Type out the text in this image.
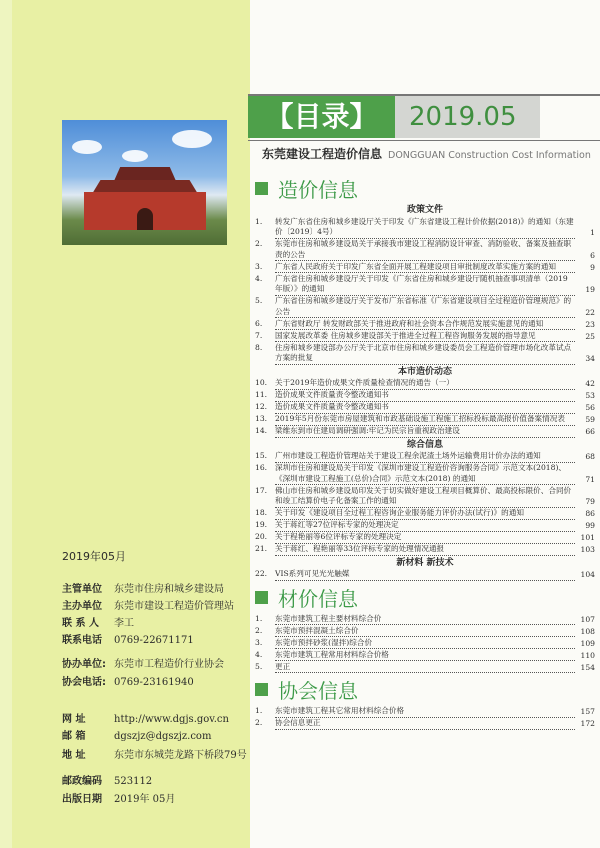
2019年05月
主管单位 东莞市住房和城乡建设局
主办单位 东莞市建设工程造价管理站
联 系 人 李工
联系电话 0769-22671171
协办单位: 东莞市工程造价行业协会
协会电话: 0769-23161940
网 址	http://www.dgjs.gov.cn
邮 箱	dgszjz@dgszjz.com
地 址	东莞市东城莞龙路下桥段79号
邮政编码 523112
出版日期 2019年 05月
【目录】	2019.05
东莞建设工程造价信息 DONGGUAN Construction Cost Information
造价信息
政策文件
1.	转发广东省住房和城乡建设厅关于印发《广东省建设工程计价依据(2018)》的通知（东建价〔2019〕4号）	1
2.	东莞市住房和城乡建设局关于承接我市建设工程消防设计审查、消防验收、备案及抽查职责的公告	6
3.	广东省人民政府关于印发广东省全面开展工程建设项目审批制度改革实施方案的通知	9
4.	广东省住房和城乡建设厅关于印发《广东省住房和城乡建设厅随机抽查事项清单（2019年版）》的通知	19
5.	广东省住房和城乡建设厅关于发布广东省标准《广东省建设项目全过程造价管理规范》的公告	22
6.	广东省财政厅 转发财政部关于推进政府和社会资本合作规范发展实施意见的通知	23
7.	国家发展改革委 住房城乡建设部关于推进全过程工程咨询服务发展的指导意见	25
8.	住房和城乡建设部办公厅关于北京市住房和城乡建设委员会工程造价管理市场化改革试点方案的批复	34
本市造价动态
10.	关于2019年造价成果文件质量检查情况的通告（一）	42
11.	造价成果文件质量责令整改通知书	53
12.	造价成果文件质量责令整改通知书	56
13.	2019年5月份东莞市房屋建筑和市政基础设施工程施工招标投标最高报价值备案情况表	59
14.	梁维东到市住建局调研强调:牢记为民宗旨重视政治建设	66
综合信息
15.	广州市建设工程造价管理站关于建设工程余泥渣土场外运输费用计价办法的通知	68
16.	深圳市住房和建设局关于印发《深圳市建设工程造价咨询服务合同》示范文本(2018)、《深圳市建设工程施工(总价)合同》示范文本(2018) 的通知	71
17.	佛山市住房和城乡建设局印发关于切实做好建设工程项目概算价、最高投标限价、合同价和竣工结算价电子化备案工作的通知	79
18.	关于印发《建设项目全过程工程咨询企业服务能力评价办法(试行)》的通知	86
19.	关于蒋红等27位评标专家的处理决定	99
20.	关于程艳丽等6位评标专家的处理决定	101
21.	关于蒋红、程艳丽等33位评标专家的处理情况通报	103
新材料 新技术
22.	VIS系列可见光光触媒	104
材价信息
1.	东莞市建筑工程主要材料综合价	107
2.	东莞市预拌混凝土综合价	108
3.	东莞市预拌砂浆(湿拌)综合价	109
4.	东莞市建筑工程常用材料综合价格	110
5.	更正	154
协会信息
1.	东莞市建筑工程其它常用材料综合价格	157
2.	协会信息更正	172
